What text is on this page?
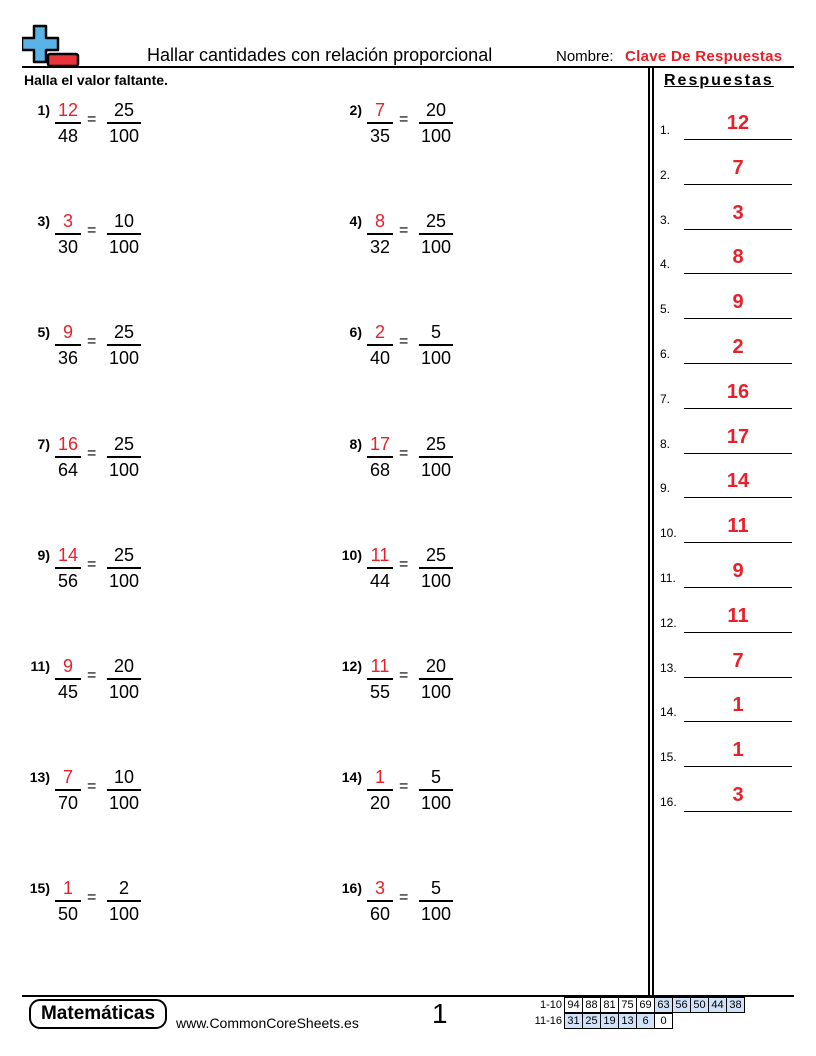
Hallar cantidades con relación proporcional	Nombre: Clave De Respuestas
Halla el valor faltante.	Respuestas
1) 12
48
= 25
100
2) 7
35
= 20
100
3) 3
30
= 10
100
4) 8
32
= 25
100
5) 9
36
= 25
100
6) 2
40
= 5
100
7) 16
64
= 25
100
8) 17
68
= 25
100
9) 14
56
= 25
100
10) 11
44
= 25
100
11) 9
45
= 20
100
12) 11
55
= 20
100
13) 7
70
= 10
100
14) 1
20
= 5
100
15) 1
50
= 2
100
16) 3
60
= 5
100
1.	12
2.	7
3.	3
4.	8
5.	9
6.	2
7.	16
8.	17
9.	14
10.	11
11.	9
12.	11
13.	7
14.	1
15.	1
16.	3
Matemáticas	www.CommonCoreSheets.es	1	1-10 94 88 81 75 69 63 56 50 44 38
11-16 31 25 19 13 6	0
